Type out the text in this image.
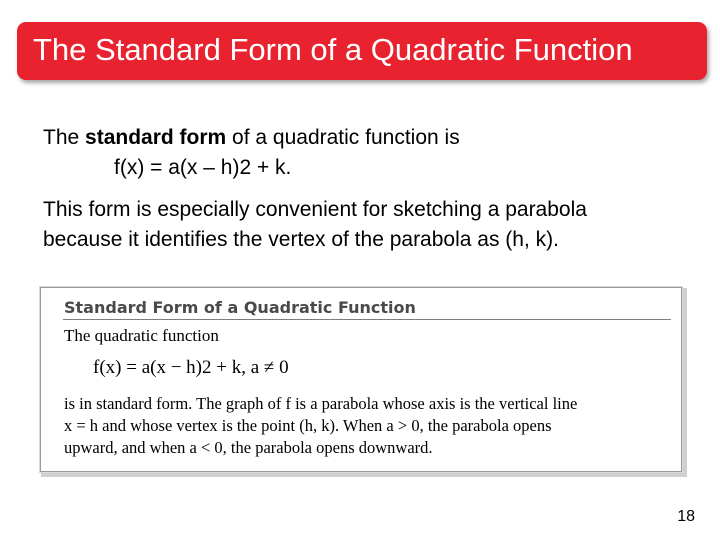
The Standard Form of a Quadratic Function

The standard form of a quadratic function is

f(x) = a(x – h)2 + k.

This form is especially convenient for sketching a parabola

because it identifies the vertex of the parabola as (h, k).

Standard Form of a Quadratic Function
The quadratic function
f(x) = a(x − h)2 + k, a ≠ 0

is in standard form. The graph of f is a parabola whose axis is the vertical line

x = h and whose vertex is the point (h, k). When a > 0, the parabola opens

upward, and when a < 0, the parabola opens downward.

18
